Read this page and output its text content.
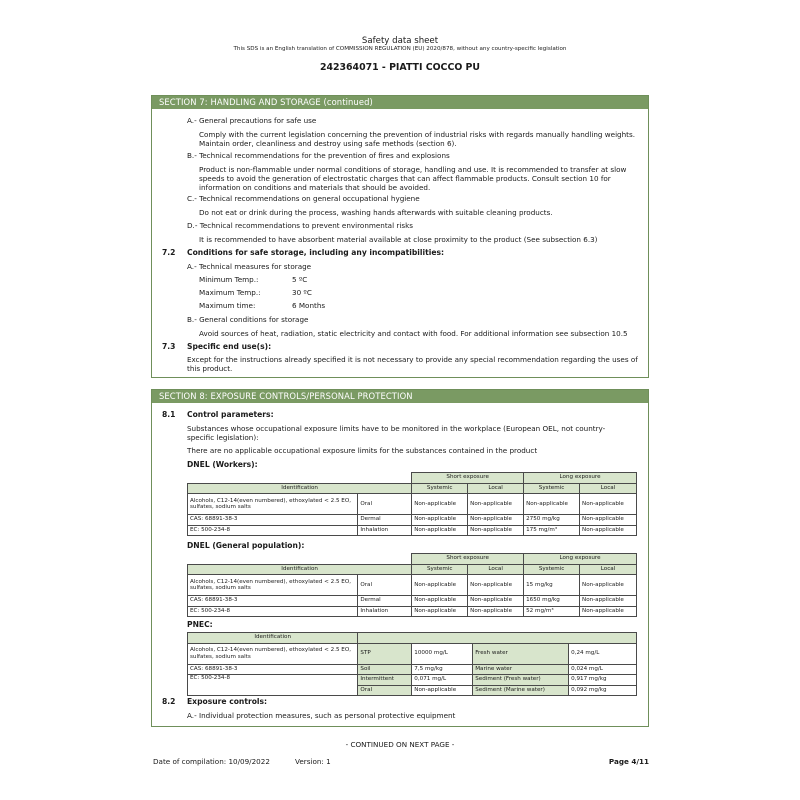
Safety data sheet
This SDS is an English translation of COMMISSION REGULATION (EU) 2020/878, without any country-specific legislation
242364071 - PIATTI COCCO PU
SECTION 7: HANDLING AND STORAGE (continued)
A.- General precautions for safe use
Comply with the current legislation concerning the prevention of industrial risks with regards manually handling weights. Maintain order, cleanliness and destroy using safe methods (section 6).
B.- Technical recommendations for the prevention of fires and explosions
Product is non-flammable under normal conditions of storage, handling and use. It is recommended to transfer at slow speeds to avoid the generation of electrostatic charges that can affect flammable products. Consult section 10 for information on conditions and materials that should be avoided.
C.- Technical recommendations on general occupational hygiene
Do not eat or drink during the process, washing hands afterwards with suitable cleaning products.
D.- Technical recommendations to prevent environmental risks
It is recommended to have absorbent material available at close proximity to the product (See subsection 6.3)
7.2 Conditions for safe storage, including any incompatibilities:
A.- Technical measures for storage
Minimum Temp.:	5 ºC
Maximum Temp.:	30 ºC
Maximum time:	6 Months
B.- General conditions for storage
Avoid sources of heat, radiation, static electricity and contact with food. For additional information see subsection 10.5
7.3 Specific end use(s):
Except for the instructions already specified it is not necessary to provide any special recommendation regarding the uses of this product.
SECTION 8: EXPOSURE CONTROLS/PERSONAL PROTECTION
8.1 Control parameters:
Substances whose occupational exposure limits have to be monitored in the workplace (European OEL, not country-specific legislation):
There are no applicable occupational exposure limits for the substances contained in the product
DNEL (Workers):
		Short exposure		Long exposure	
Identification		Systemic	Local	Systemic	Local
Alcohols, C12-14(even numbered), ethoxylated < 2.5 EO, sulfates, sodium salts	Oral	Non-applicable	Non-applicable	Non-applicable	Non-applicable
CAS: 68891-38-3	Dermal	Non-applicable	Non-applicable	2750 mg/kg	Non-applicable
EC: 500-234-8	Inhalation	Non-applicable	Non-applicable	175 mg/m³	Non-applicable
DNEL (General population):
		Short exposure		Long exposure	
Identification		Systemic	Local	Systemic	Local
Alcohols, C12-14(even numbered), ethoxylated < 2.5 EO, sulfates, sodium salts	Oral	Non-applicable	Non-applicable	15 mg/kg	Non-applicable
CAS: 68891-38-3	Dermal	Non-applicable	Non-applicable	1650 mg/kg	Non-applicable
EC: 500-234-8	Inhalation	Non-applicable	Non-applicable	52 mg/m³	Non-applicable
PNEC:
Identification				
Alcohols, C12-14(even numbered), ethoxylated < 2.5 EO, sulfates, sodium salts	STP	10000 mg/L	Fresh water	0,24 mg/L
CAS: 68891-38-3	Soil	7,5 mg/kg	Marine water	0,024 mg/L
EC: 500-234-8	Intermittent	0,071 mg/L	Sediment (Fresh water)	0,917 mg/kg
	Oral	Non-applicable	Sediment (Marine water)	0,092 mg/kg
8.2 Exposure controls:
A.- Individual protection measures, such as personal protective equipment
- CONTINUED ON NEXT PAGE -
Date of compilation: 10/09/2022	Version: 1	Page 4/11
